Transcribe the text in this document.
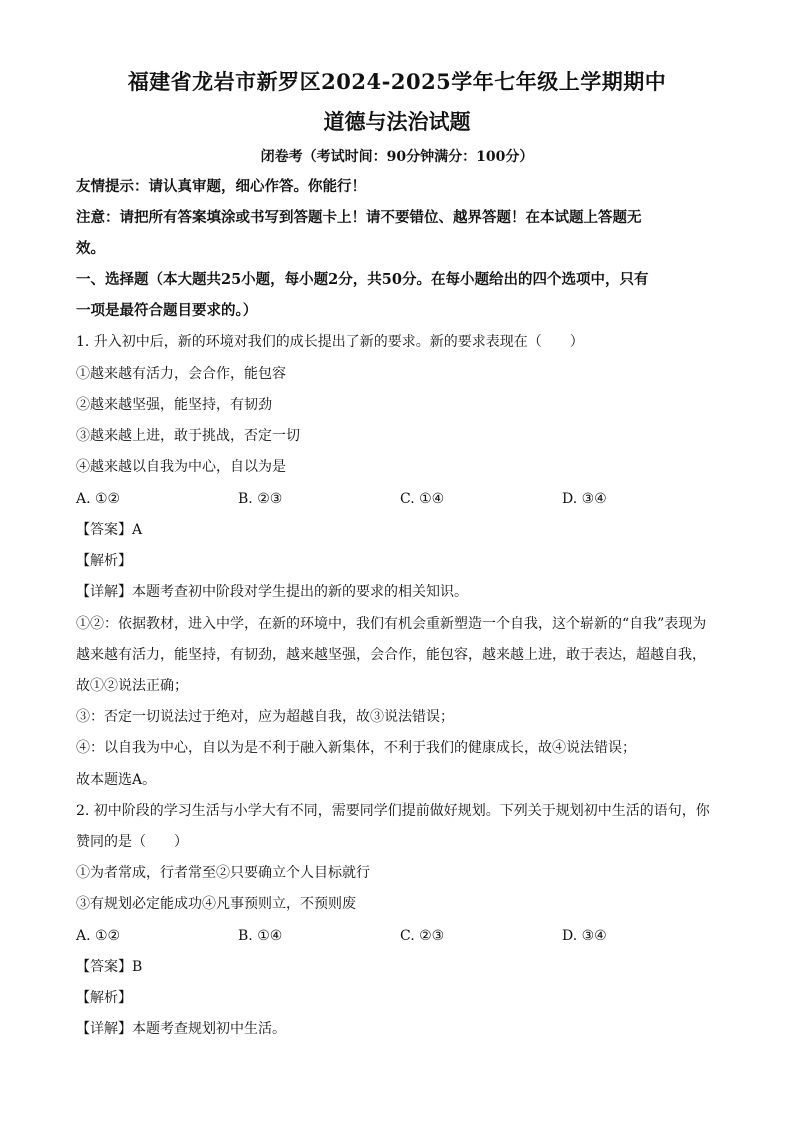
福建省龙岩市新罗区2024-2025学年七年级上学期期中
道德与法治试题
闭卷考（考试时间：90分钟满分：100分）
友情提示：请认真审题，细心作答。你能行！
注意：请把所有答案填涂或书写到答题卡上！请不要错位、越界答题！在本试题上答题无
效。
一、选择题（本大题共25小题，每小题2分，共50分。在每小题给出的四个选项中，只有
一项是最符合题目要求的。）
1. 升入初中后，新的环境对我们的成长提出了新的要求。新的要求表现在（　　）
①越来越有活力，会合作，能包容
②越来越坚强，能坚持，有韧劲
③越来越上进，敢于挑战，否定一切
④越来越以自我为中心，自以为是
A. ①②	B. ②③	C. ①④	D. ③④
【答案】A
【解析】
【详解】本题考查初中阶段对学生提出的新的要求的相关知识。
①②：依据教材，进入中学，在新的环境中，我们有机会重新塑造一个自我，这个崭新的“自我”表现为
越来越有活力，能坚持，有韧劲，越来越坚强，会合作，能包容，越来越上进，敢于表达，超越自我，
故①②说法正确；
③：否定一切说法过于绝对，应为超越自我，故③说法错误；
④：以自我为中心，自以为是不利于融入新集体，不利于我们的健康成长，故④说法错误；
故本题选A。
2. 初中阶段的学习生活与小学大有不同，需要同学们提前做好规划。下列关于规划初中生活的语句，你
赞同的是（　　）
①为者常成，行者常至②只要确立个人目标就行
③有规划必定能成功④凡事预则立，不预则废
A. ①②	B. ①④	C. ②③	D. ③④
【答案】B
【解析】
【详解】本题考查规划初中生活。
